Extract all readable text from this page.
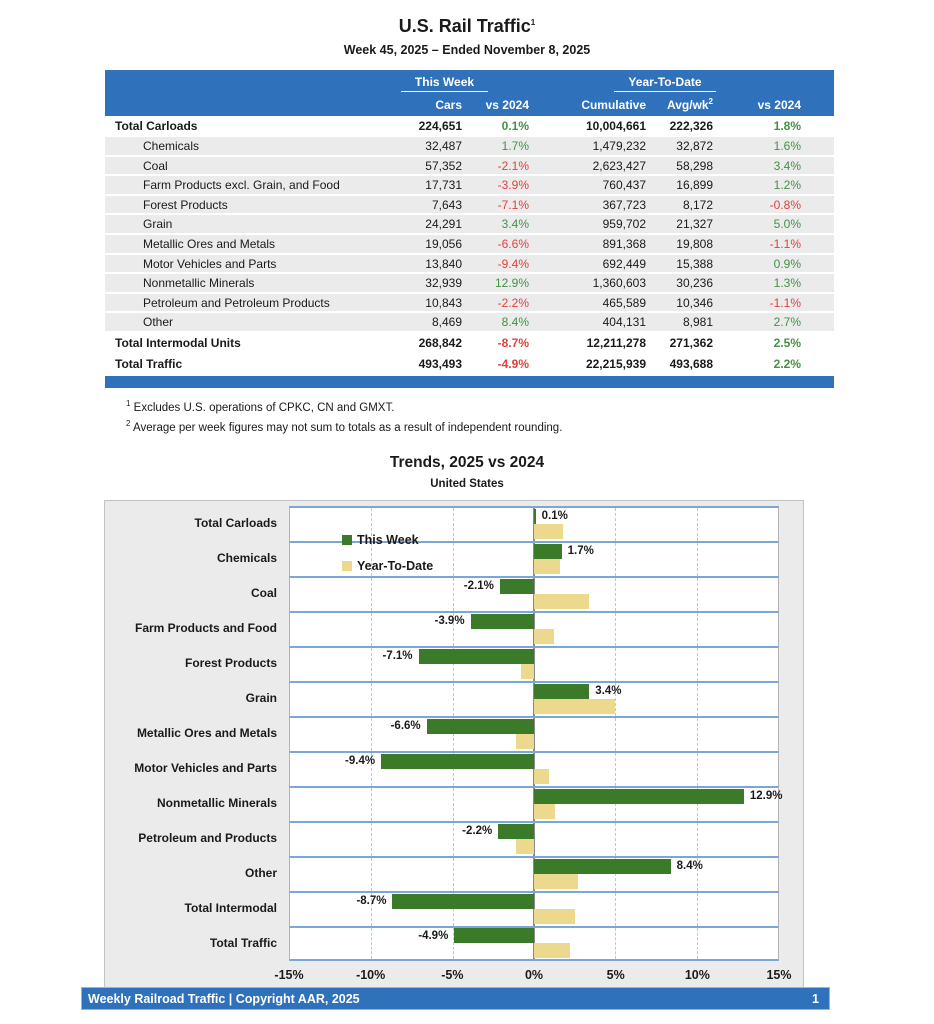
U.S. Rail Traffic$^1$
Week 45, 2025 – Ended November 8, 2025
This Week	Year-To-Date
Cars	vs 2024	Cumulative	Avg/$wk^2$	vs 2024
Total Carloads	224,651	0.1%	10,004,661	222,326	1.8%
Chemicals	32,487	1.7%	1,479,232	32,872	1.6%
Coal	57,352	-2.1%	2,623,427	58,298	3.4%
Farm Products excl. Grain, and Food	17,731	-3.9%	760,437	16,899	1.2%
Forest Products	7,643	-7.1%	367,723	8,172	-0.8%
Grain	24,291	3.4%	959,702	21,327	5.0%
Metallic Ores and Metals	19,056	-6.6%	891,368	19,808	-1.1%
Motor Vehicles and Parts	13,840	-9.4%	692,449	15,388	0.9%
Nonmetallic Minerals	32,939	12.9%	1,360,603	30,236	1.3%
Petroleum and Petroleum Products	10,843	-2.2%	465,589	10,346	-1.1%
Other	8,469	8.4%	404,131	8,981	2.7%
Total Intermodal Units	268,842	-8.7%	12,211,278	271,362	2.5%
Total Traffic	493,493	-4.9%	22,215,939	493,688	2.2%
$^1$ Excludes U.S. operations of CPKC, CN and GMXT.
$^2$ Average per week figures may not sum to totals as a result of independent rounding.
Trends, 2025 vs 2024
United States
This Week
Year-To-Date
Total Carloads	0.1%
Chemicals	1.7%
Coal	-2.1%
Farm Products and Food	-3.9%
Forest Products	-7.1%
Grain	3.4%
Metallic Ores and Metals	-6.6%
Motor Vehicles and Parts	-9.4%
Nonmetallic Minerals	12.9%
Petroleum and Products	-2.2%
Other	8.4%
Total Intermodal	-8.7%
Total Traffic	-4.9%
-15%	-10%	-5%	0%	5%	10%	15%
Weekly Railroad Traffic | Copyright AAR, 2025	1
